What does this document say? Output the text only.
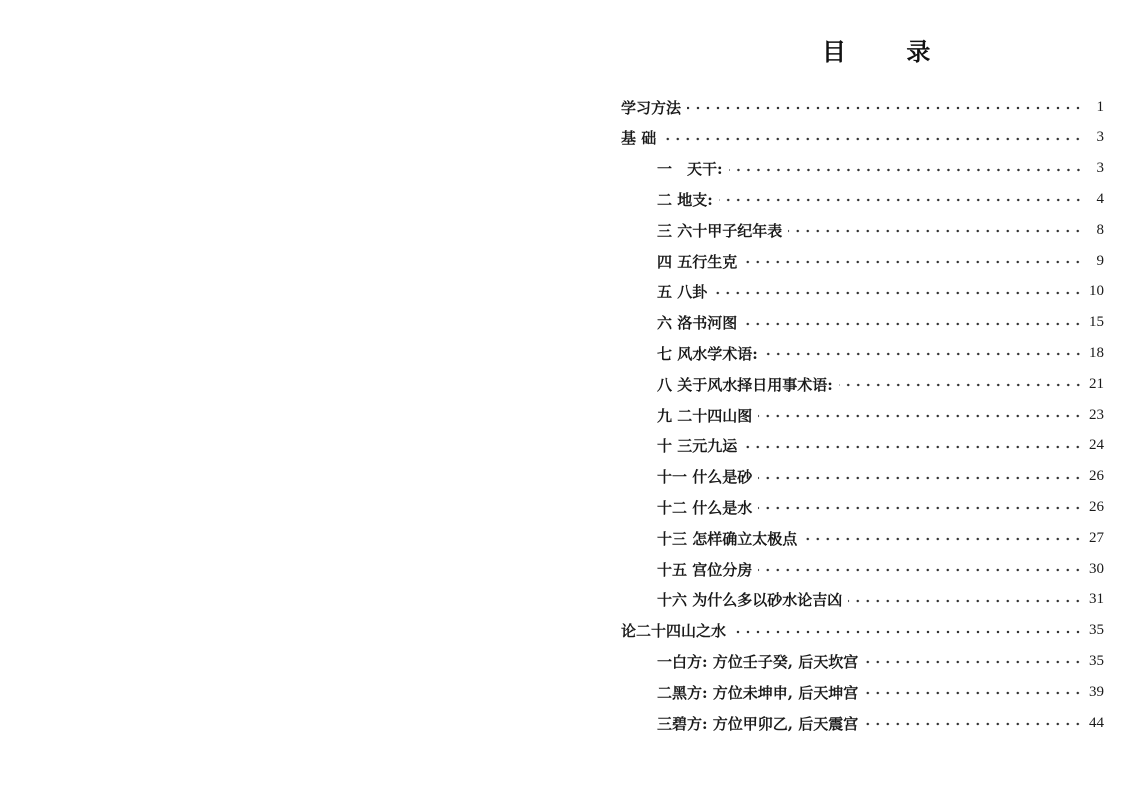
目 录
学习方法	1
基 础	3
一　天干:	3
二 地支:	4
三 六十甲子纪年表	8
四 五行生克	9
五 八卦	10
六 洛书河图	15
七 风水学术语:	18
八 关于风水择日用事术语:	21
九 二十四山图	23
十 三元九运	24
十一 什么是砂	26
十二 什么是水	26
十三 怎样确立太极点	27
十五 宫位分房	30
十六 为什么多以砂水论吉凶	31
论二十四山之水	35
一白方: 方位壬子癸, 后天坎宫	35
二黑方: 方位未坤申, 后天坤宫	39
三碧方: 方位甲卯乙, 后天震宫	44
